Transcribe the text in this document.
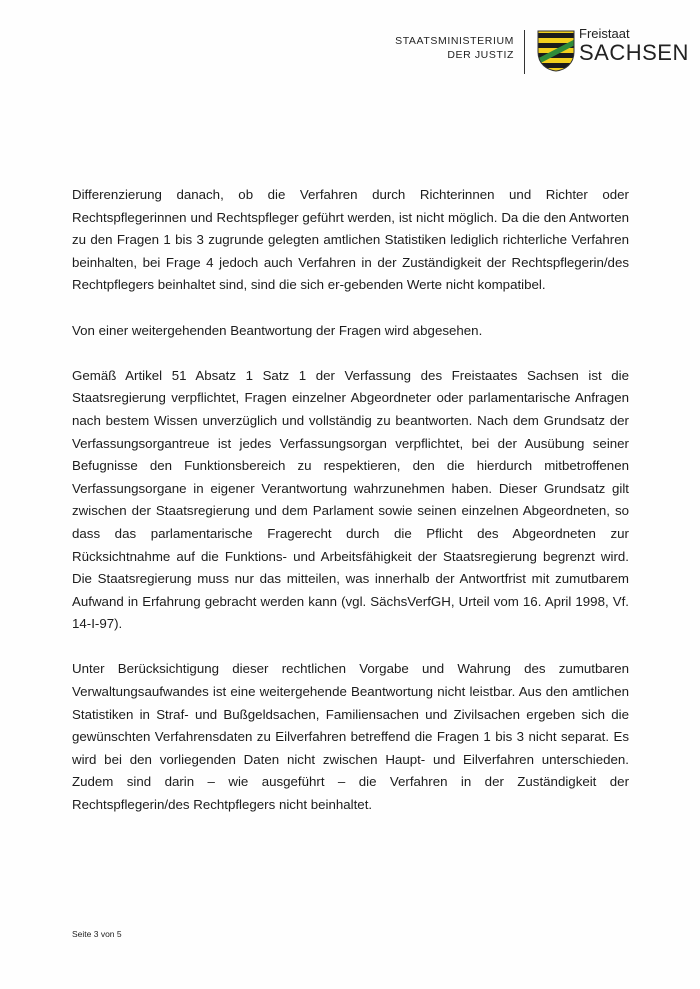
STAATSMINISTERIUM
DER JUSTIZ
Freistaat
SACHSEN

Differenzierung danach, ob die Verfahren durch Richterinnen und Richter oder Rechtspflegerinnen und Rechtspfleger geführt werden, ist nicht möglich. Da die den Antworten zu den Fragen 1 bis 3 zugrunde gelegten amtlichen Statistiken lediglich richterliche Verfahren beinhalten, bei Frage 4 jedoch auch Verfahren in der Zuständigkeit der Rechtspflegerin/des Rechtpflegers beinhaltet sind, sind die sich er-gebenden Werte nicht kompatibel.

Von einer weitergehenden Beantwortung der Fragen wird abgesehen.

Gemäß Artikel 51 Absatz 1 Satz 1 der Verfassung des Freistaates Sachsen ist die Staatsregierung verpflichtet, Fragen einzelner Abgeordneter oder parlamentarische Anfragen nach bestem Wissen unverzüglich und vollständig zu beantworten. Nach dem Grundsatz der Verfassungsorgantreue ist jedes Verfassungsorgan verpflichtet, bei der Ausübung seiner Befugnisse den Funktionsbereich zu respektieren, den die hierdurch mitbetroffenen Verfassungsorgane in eigener Verantwortung wahrzunehmen haben. Dieser Grundsatz gilt zwischen der Staatsregierung und dem Parlament sowie seinen einzelnen Abgeordneten, so dass das parlamentarische Fragerecht durch die Pflicht des Abgeordneten zur Rücksichtnahme auf die Funktions- und Arbeitsfähigkeit der Staatsregierung begrenzt wird. Die Staatsregierung muss nur das mitteilen, was innerhalb der Antwortfrist mit zumutbarem Aufwand in Erfahrung gebracht werden kann (vgl. SächsVerfGH, Urteil vom 16. April 1998, Vf. 14-I-97).

Unter Berücksichtigung dieser rechtlichen Vorgabe und Wahrung des zumutbaren Verwaltungsaufwandes ist eine weitergehende Beantwortung nicht leistbar. Aus den amtlichen Statistiken in Straf- und Bußgeldsachen, Familiensachen und Zivilsachen ergeben sich die gewünschten Verfahrensdaten zu Eilverfahren betreffend die Fragen 1 bis 3 nicht separat. Es wird bei den vorliegenden Daten nicht zwischen Haupt- und Eilverfahren unterschieden. Zudem sind darin – wie ausgeführt – die Verfahren in der Zuständigkeit der Rechtspflegerin/des Rechtpflegers nicht beinhaltet.

Seite 3 von 5
